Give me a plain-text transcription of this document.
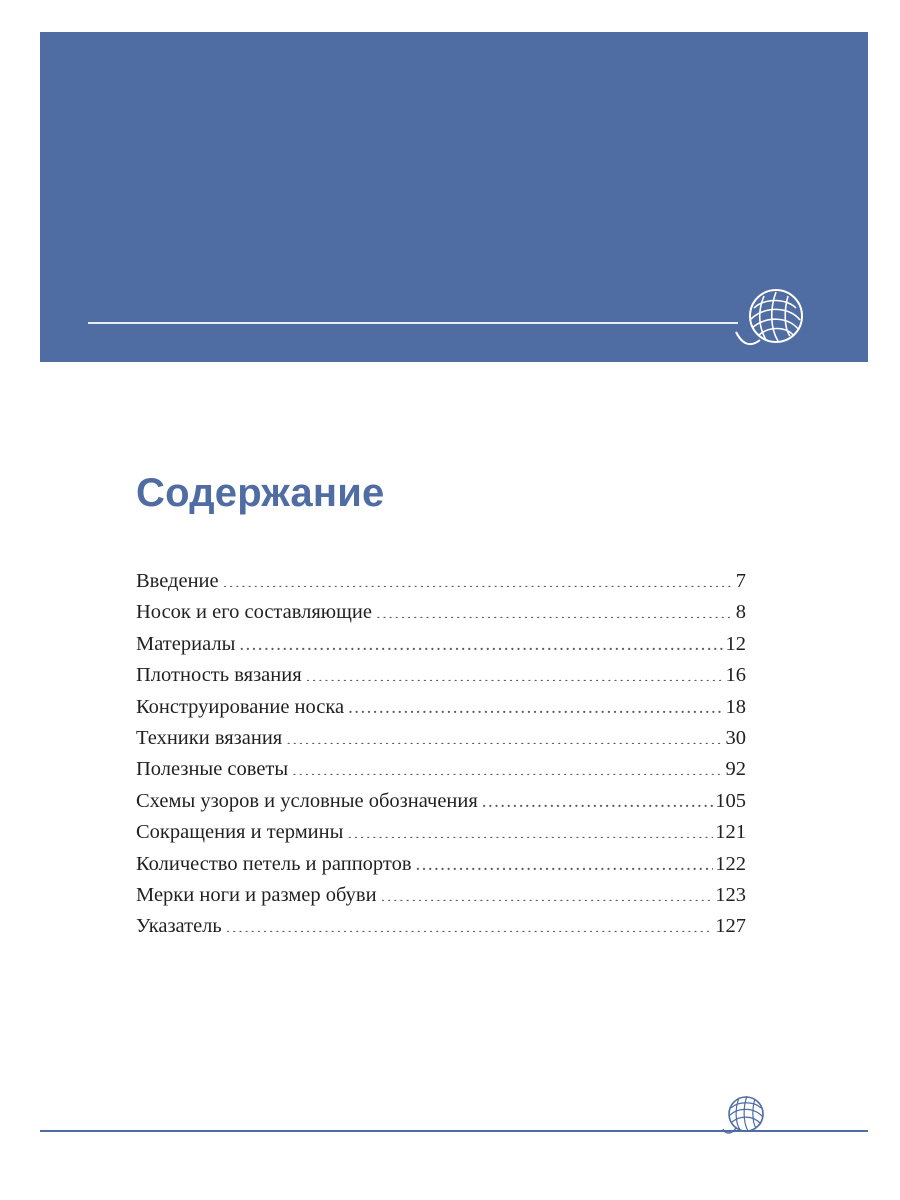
Содержание
Введение .....	7
Носок и его составляющие .....	8
Материалы .....	12
Плотность вязания .....	16
Конструирование носка .....	18
Техники вязания .....	30
Полезные советы .....	92
Схемы узоров и условные обозначения .....	105
Сокращения и термины .....	121
Количество петель и раппортов .....	122
Мерки ноги и размер обуви .....	123
Указатель .....	127
